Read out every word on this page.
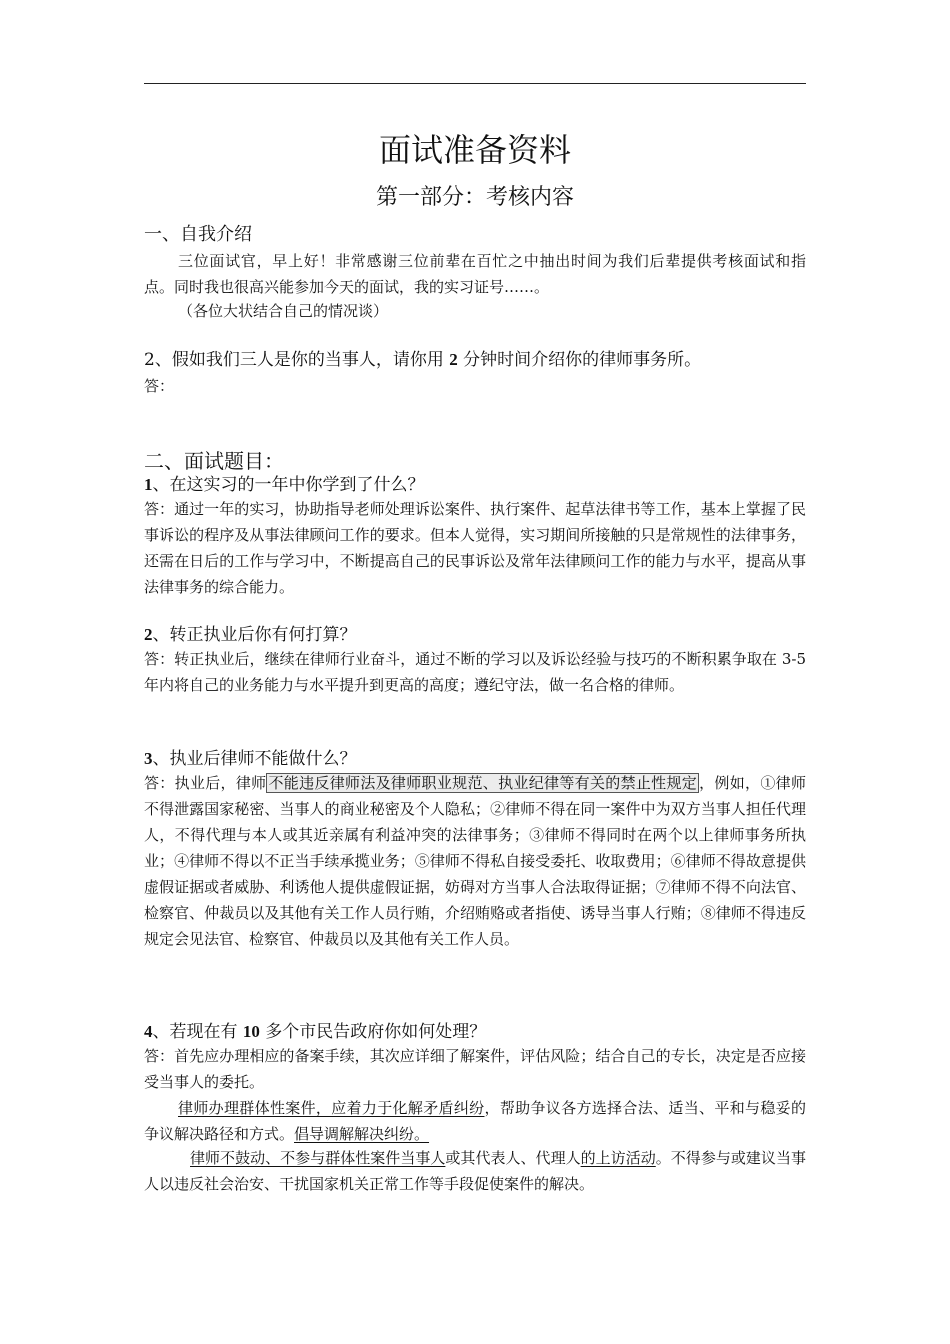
面试准备资料
第一部分：考核内容
一、自我介绍
三位面试官，早上好！非常感谢三位前辈在百忙之中抽出时间为我们后辈提供考核面试和指点。同时我也很高兴能参加今天的面试，我的实习证号……。
（各位大状结合自己的情况谈）
2、假如我们三人是你的当事人，请你用 2 分钟时间介绍你的律师事务所。
答：
二、面试题目：
1、在这实习的一年中你学到了什么？
答：通过一年的实习，协助指导老师处理诉讼案件、执行案件、起草法律书等工作，基本上掌握了民事诉讼的程序及从事法律顾问工作的要求。但本人觉得，实习期间所接触的只是常规性的法律事务，还需在日后的工作与学习中，不断提高自己的民事诉讼及常年法律顾问工作的能力与水平，提高从事法律事务的综合能力。
2、转正执业后你有何打算？
答：转正执业后，继续在律师行业奋斗，通过不断的学习以及诉讼经验与技巧的不断积累争取在 3-5 年内将自己的业务能力与水平提升到更高的高度；遵纪守法，做一名合格的律师。
3、执业后律师不能做什么？
答：执业后，律师 不能违反律师法及律师职业规范、执业纪律等有关的禁止性规定 ，例如，①律师不得泄露国家秘密、当事人的商业秘密及个人隐私；②律师不得在同一案件中为双方当事人担任代理人，不得代理与本人或其近亲属有利益冲突的法律事务；③律师不得同时在两个以上律师事务所执业；④律师不得以不正当手续承揽业务；⑤律师不得私自接受委托、收取费用；⑥律师不得故意提供虚假证据或者威胁、利诱他人提供虚假证据，妨碍对方当事人合法取得证据；⑦律师不得不向法官、检察官、仲裁员以及其他有关工作人员行贿，介绍贿赂或者指使、诱导当事人行贿；⑧律师不得违反规定会见法官、检察官、仲裁员以及其他有关工作人员。
4、若现在有 10 多个市民告政府你如何处理？
答：首先应办理相应的备案手续，其次应详细了解案件，评估风险；结合自己的专长，决定是否应接受当事人的委托。
律师办理群体性案件，应着力于化解矛盾纠纷，帮助争议各方选择合法、适当、平和与稳妥的争议解决路径和方式。倡导调解解决纠纷。
律师不鼓动、不参与群体性案件当事人或其代表人、代理人的上访活动。不得参与或建议当事人以违反社会治安、干扰国家机关正常工作等手段促使案件的解决。
